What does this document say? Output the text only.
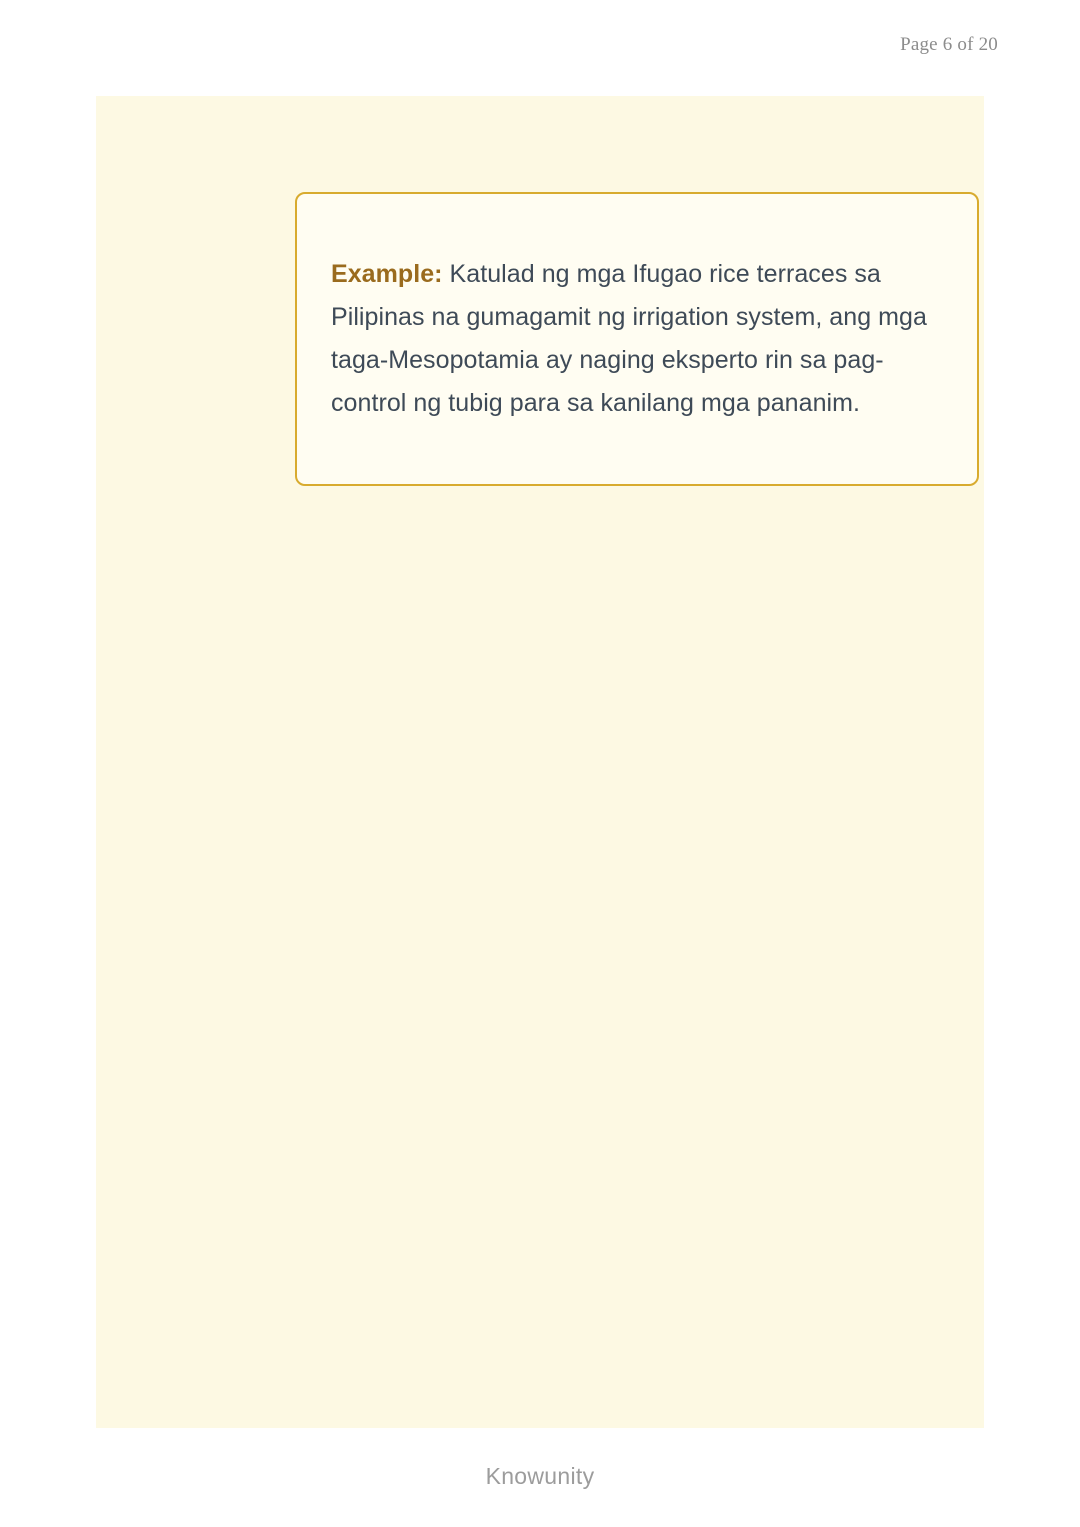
Page 6 of 20

Example: Katulad ng mga Ifugao rice terraces sa Pilipinas na gumagamit ng irrigation system, ang mga taga-Mesopotamia ay naging eksperto rin sa pag-control ng tubig para sa kanilang mga pananim.

Knowunity
